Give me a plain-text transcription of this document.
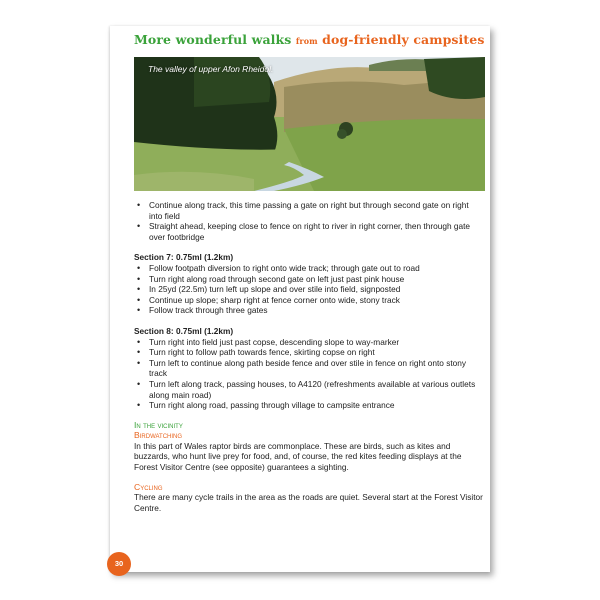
More wonderful walks from dog-friendly campsites
The valley of upper Afon Rheidol.
• Continue along track, this time passing a gate on right but through second gate on right into field
• Straight ahead, keeping close to fence on right to river in right corner, then through gate over footbridge
Section 7: 0.75ml (1.2km)
• Follow footpath diversion to right onto wide track; through gate out to road
• Turn right along road through second gate on left just past pink house
• In 25yd (22.5m) turn left up slope and over stile into field, signposted
• Continue up slope; sharp right at fence corner onto wide, stony track
• Follow track through three gates
Section 8: 0.75ml (1.2km)
• Turn right into field just past copse, descending slope to way-marker
• Turn right to follow path towards fence, skirting copse on right
• Turn left to continue along path beside fence and over stile in fence on right onto stony track
• Turn left along track, passing houses, to A4120 (refreshments available at various outlets along main road)
• Turn right along road, passing through village to campsite entrance
In the vicinity
Birdwatching

In this part of Wales raptor birds are commonplace. These are birds, such as kites and buzzards, who hunt live prey for food, and, of course, the red kites feeding displays at the Forest Visitor Centre (see opposite) guarantees a sighting.

Cycling

There are many cycle trails in the area as the roads are quiet. Several start at the Forest Visitor Centre.

30
